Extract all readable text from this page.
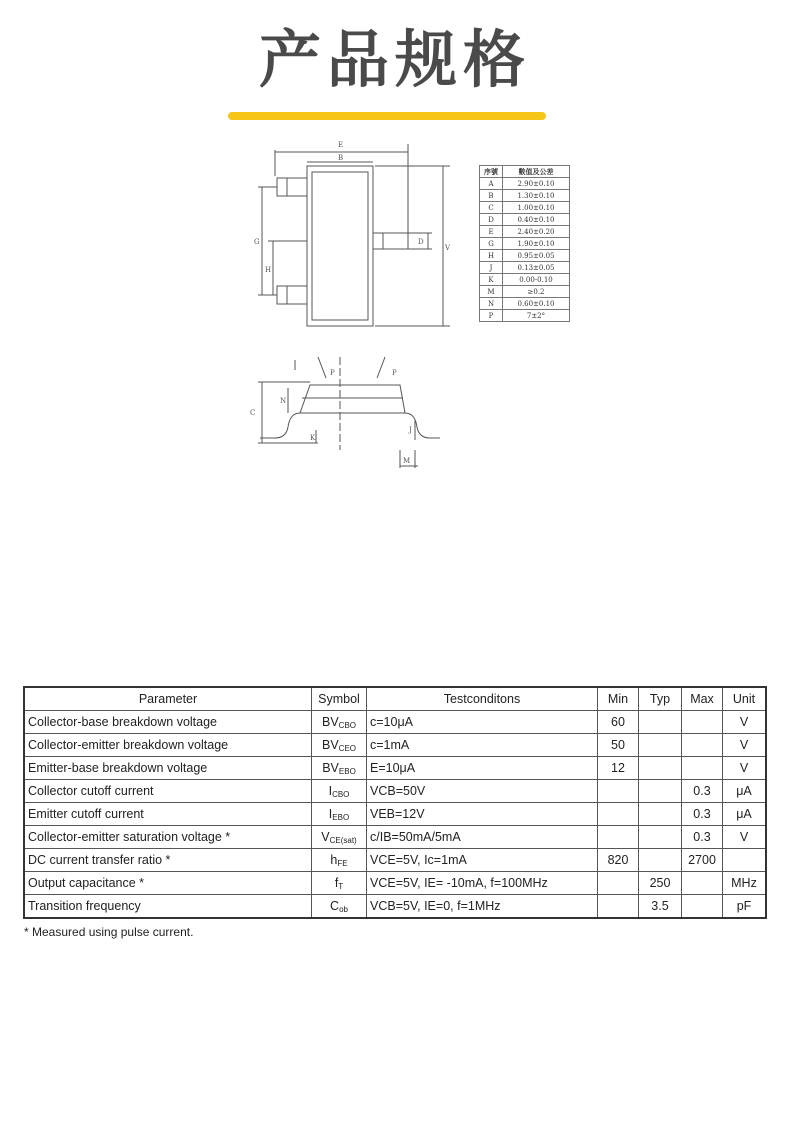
产品规格
E
B
G
H
D
V
P	P
C
N
K
J
M
序號	數值及公差
A	2.90±0.10
B	1.30±0.10
C	1.00±0.10
D	0.40±0.10
E	2.40±0.20
G	1.90±0.10
H	0.95±0.05
J	0.13±0.05
K	0.00-0.10
M	≥0.2
N	0.60±0.10
P	7±2°
Parameter	Symbol	Testconditons	Min	Typ	Max	Unit
Collector-base breakdown voltage	$BV_{CBO}$	c=10μA	60			V
Collector-emitter breakdown voltage	$BV_{CEO}$	c=1mA	50			V
Emitter-base breakdown voltage	$BV_{EBO}$	E=10μA	12			V
Collector cutoff current	$I_{CBO}$	VCB=50V			0.3	μA
Emitter cutoff current	$I_{EBO}$	VEB=12V			0.3	μA
Collector-emitter saturation voltage *	$V_{CE(sat)}$	c/IB=50mA/5mA			0.3	V
DC current transfer ratio *	$h_{FE}$	VCE=5V, Ic=1mA	820		2700	
Output capacitance *	$f_T$	VCE=5V, IE= -10mA, f=100MHz		250		MHz
Transition frequency	$C_{ob}$	VCB=5V, IE=0, f=1MHz		3.5		pF
* Measured using pulse current.
